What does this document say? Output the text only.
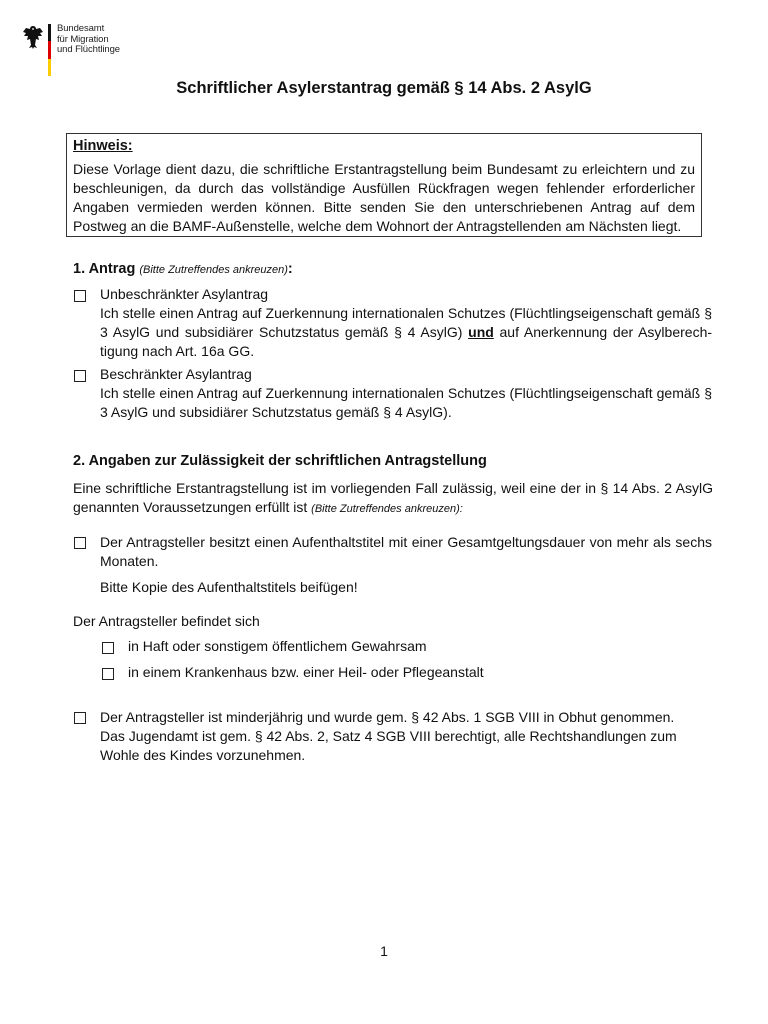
Bundesamt
für Migration
und Flüchtlinge
Schriftlicher Asylerstantrag gemäß § 14 Abs. 2 AsylG
Hinweis:
Diese Vorlage dient dazu, die schriftliche Erstantragstellung beim Bundesamt zu erleichtern und zu beschleunigen, da durch das vollständige Ausfüllen Rückfragen wegen fehlender erforderlicher Angaben vermieden werden können. Bitte senden Sie den unterschriebenen Antrag auf dem Postweg an die BAMF-Außenstelle, welche dem Wohnort der Antragstellenden am Nächsten liegt.
1. Antrag (Bitte Zutreffendes ankreuzen):

Unbeschränkter Asylantrag

Ich stelle einen Antrag auf Zuerkennung internationalen Schutzes (Flüchtlingseigenschaft gemäß § 3 AsylG und subsidiärer Schutzstatus gemäß § 4 AsylG) und auf Anerkennung der Asylberech-tigung nach Art. 16a GG.

Beschränkter Asylantrag

Ich stelle einen Antrag auf Zuerkennung internationalen Schutzes (Flüchtlingseigenschaft gemäß § 3 AsylG und subsidiärer Schutzstatus gemäß § 4 AsylG).

2. Angaben zur Zulässigkeit der schriftlichen Antragstellung

Eine schriftliche Erstantragstellung ist im vorliegenden Fall zulässig, weil eine der in § 14 Abs. 2 AsylG genannten Voraussetzungen erfüllt ist (Bitte Zutreffendes ankreuzen):

Der Antragsteller besitzt einen Aufenthaltstitel mit einer Gesamtgeltungsdauer von mehr als sechs Monaten.

Bitte Kopie des Aufenthaltstitels beifügen!

Der Antragsteller befindet sich
in Haft oder sonstigem öffentlichem Gewahrsam
in einem Krankenhaus bzw. einer Heil- oder Pflegeanstalt

Der Antragsteller ist minderjährig und wurde gem. § 42 Abs. 1 SGB VIII in Obhut genommen. Das Jugendamt ist gem. § 42 Abs. 2, Satz 4 SGB VIII berechtigt, alle Rechtshandlungen zum Wohle des Kindes vorzunehmen.

1
